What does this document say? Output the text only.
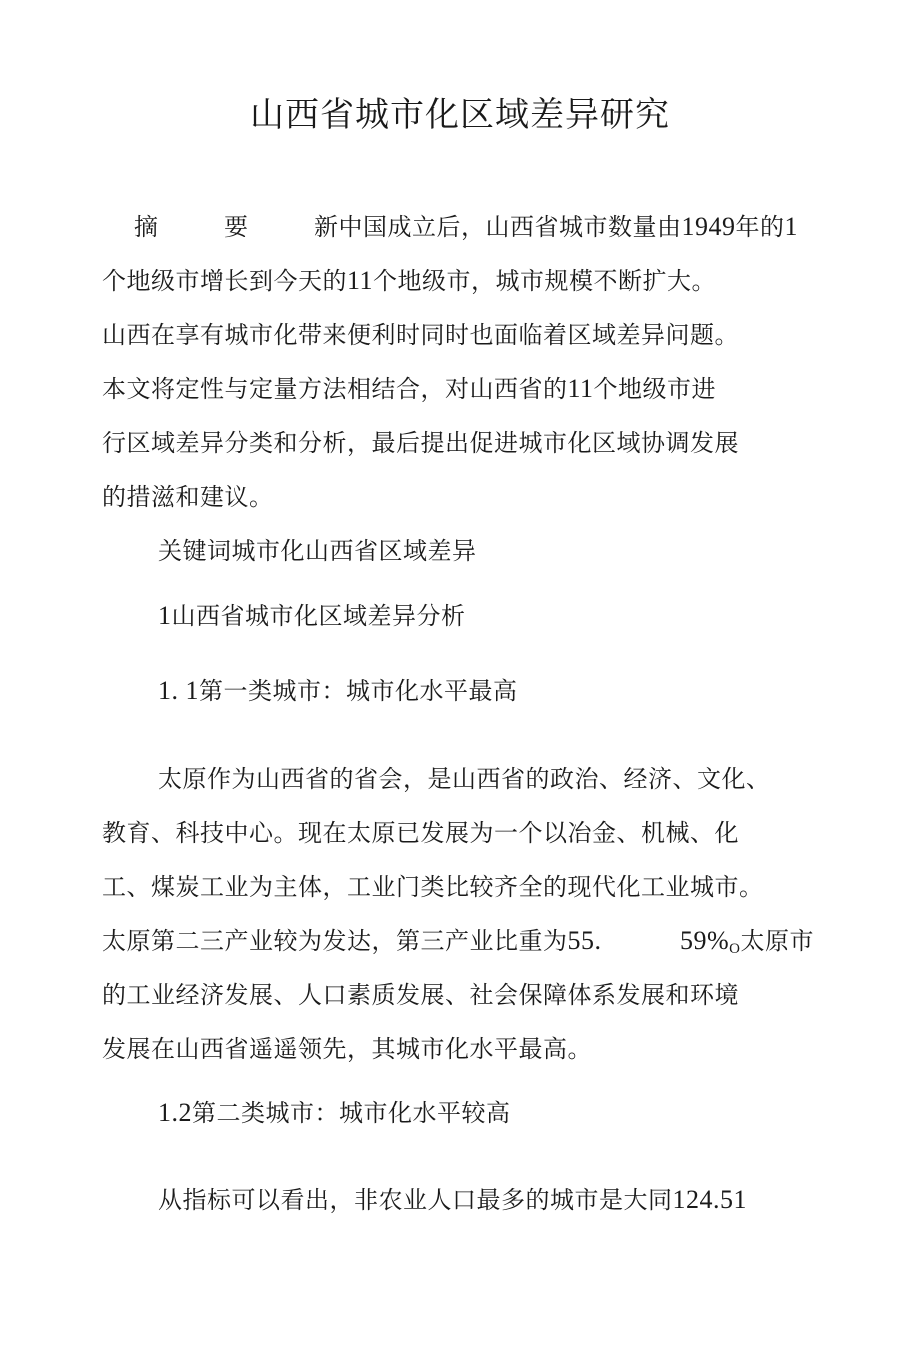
山西省城市化区域差异研究
摘	要	新中国成立后，山西省城市数量由1949年的1
个地级市增长到今天的11个地级市，城市规模不断扩大。
山西在享有城市化带来便利时同时也面临着区域差异问题。
本文将定性与定量方法相结合，对山西省的11个地级市进
行区域差异分类和分析，最后提出促进城市化区域协调发展
的措滋和建议。
关键词城市化山西省区域差异
1山西省城市化区域差异分析
1. 1第一类城市：城市化水平最高
太原作为山西省的省会，是山西省的政治、经济、文化、
教育、科技中心。现在太原已发展为一个以冶金、机械、化
工、煤炭工业为主体，工业门类比较齐全的现代化工业城市。
太原第二三产业较为发达，第三产业比重为55.	$59\%_O$太原市
的工业经济发展、人口素质发展、社会保障体系发展和环境
发展在山西省遥遥领先，其城市化水平最高。
1.2第二类城市：城市化水平较高
从指标可以看出，非农业人口最多的城市是大同124.51
